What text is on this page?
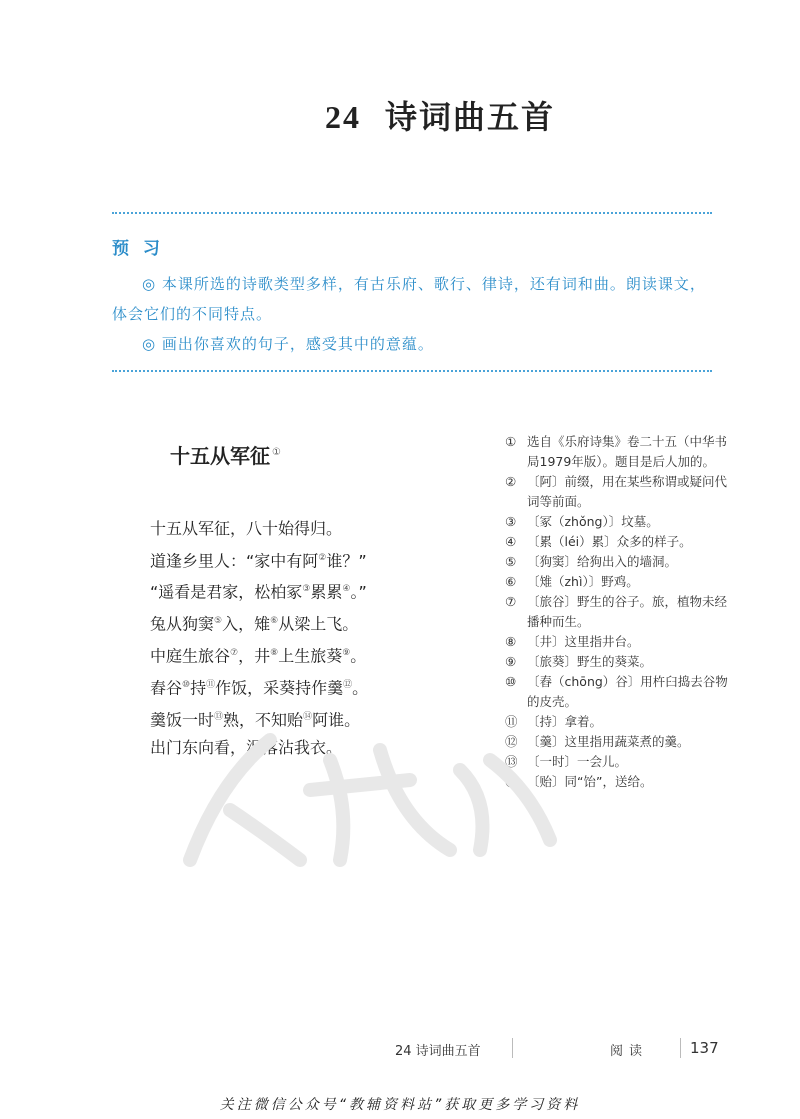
24 诗词曲五首
预 习

◎ 本课所选的诗歌类型多样，有古乐府、歌行、律诗，还有词和曲。朗读课文，体会它们的不同特点。

◎ 画出你喜欢的句子，感受其中的意蕴。

十五从军征 ①
十五从军征，八十始得归。
道逢乡里人：“家中有阿②谁？”
“遥看是君家，松柏冢③累累④。”
兔从狗窦⑤入，雉⑥从梁上飞。
中庭生旅谷⑦，井⑧上生旅葵⑨。
舂谷⑩持⑪作饭，采葵持作羹⑫。
羹饭一时⑬熟，不知贻⑭阿谁。
出门东向看，泪落沾我衣。
① 选自《乐府诗集》卷二十五（中华书局1979年版）。题目是后人加的。
② 〔阿〕前缀，用在某些称谓或疑问代词等前面。
③ 〔冢（zhǒng）〕坟墓。
④ 〔累（léi）累〕众多的样子。
⑤ 〔狗窦〕给狗出入的墙洞。
⑥ 〔雉（zhì）〕野鸡。
⑦ 〔旅谷〕野生的谷子。旅，植物未经播种而生。
⑧ 〔井〕这里指井台。
⑨ 〔旅葵〕野生的葵菜。
⑩ 〔舂（chōng）谷〕用杵臼捣去谷物的皮壳。
⑪ 〔持〕拿着。
⑫ 〔羹〕这里指用蔬菜煮的羹。
⑬ 〔一时〕一会儿。
⑭ 〔贻〕同“饴”，送给。
24 诗词曲五首	阅读	137
关注微信公众号“教辅资料站”获取更多学习资料
